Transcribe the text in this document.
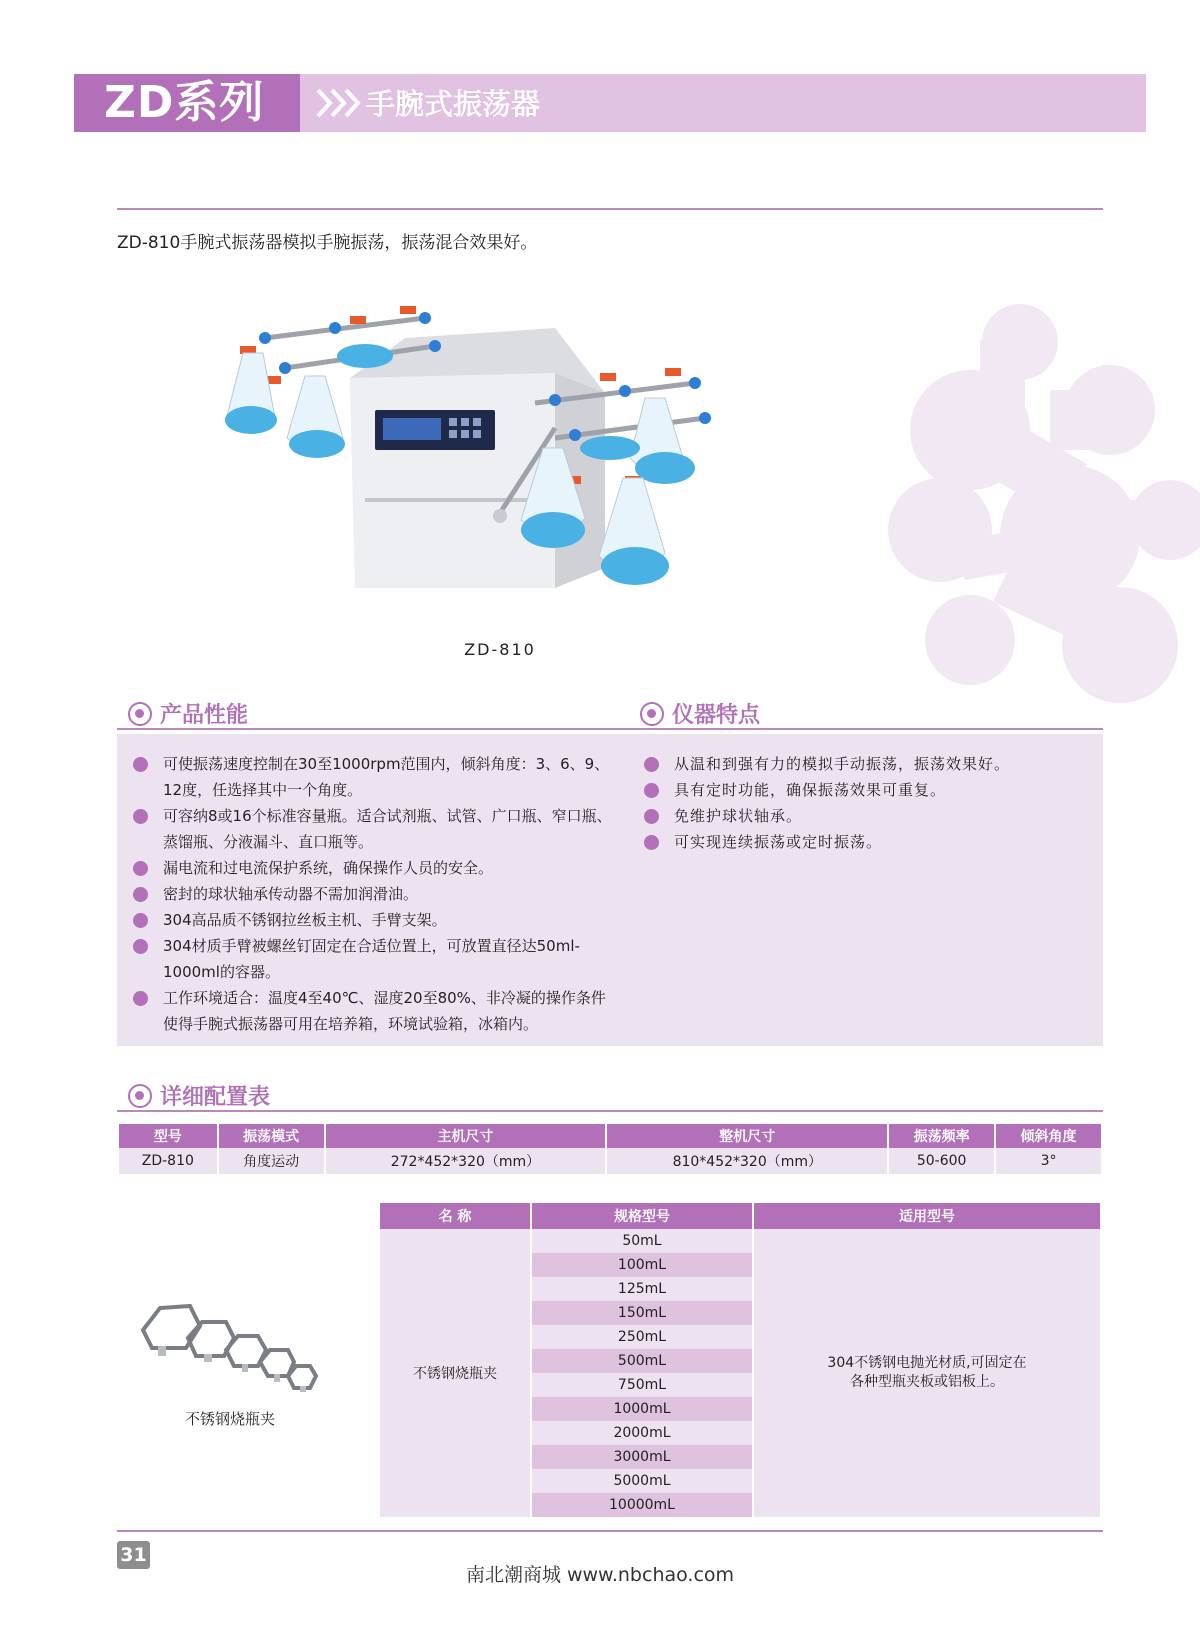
ZD系列	手腕式振荡器
ZD-810手腕式振荡器模拟手腕振荡，振荡混合效果好。
ZD-810
产品性能	仪器特点
可使振荡速度控制在30至1000rpm范围内，倾斜角度：3、6、9、12度，任选择其中一个角度。
可容纳8或16个标准容量瓶。适合试剂瓶、试管、广口瓶、窄口瓶、蒸馏瓶、分液漏斗、直口瓶等。
漏电流和过电流保护系统，确保操作人员的安全。
密封的球状轴承传动器不需加润滑油。
304高品质不锈钢拉丝板主机、手臂支架。
304材质手臂被螺丝钉固定在合适位置上，可放置直径达50ml-1000ml的容器。
工作环境适合：温度4至40℃、湿度20至80%、非冷凝的操作条件使得手腕式振荡器可用在培养箱，环境试验箱，冰箱内。
从温和到强有力的模拟手动振荡，振荡效果好。
具有定时功能，确保振荡效果可重复。
免维护球状轴承。
可实现连续振荡或定时振荡。
详细配置表
型号	振荡模式	主机尺寸	整机尺寸	振荡频率	倾斜角度
ZD-810	角度运动	272*452*320（mm）	810*452*320（mm）	50-600	3°
不锈钢烧瓶夹
名 称	规格型号	适用型号
不锈钢烧瓶夹	50mL	304不锈钢电抛光材质,可固定在
各种型瓶夹板或铝板上。

	100mL	
	125mL	
	150mL	
	250mL	
	500mL	
	750mL	
	1000mL	
	2000mL	
	3000mL	
	5000mL	
	10000mL	
31
南北潮商城 www.nbchao.com
